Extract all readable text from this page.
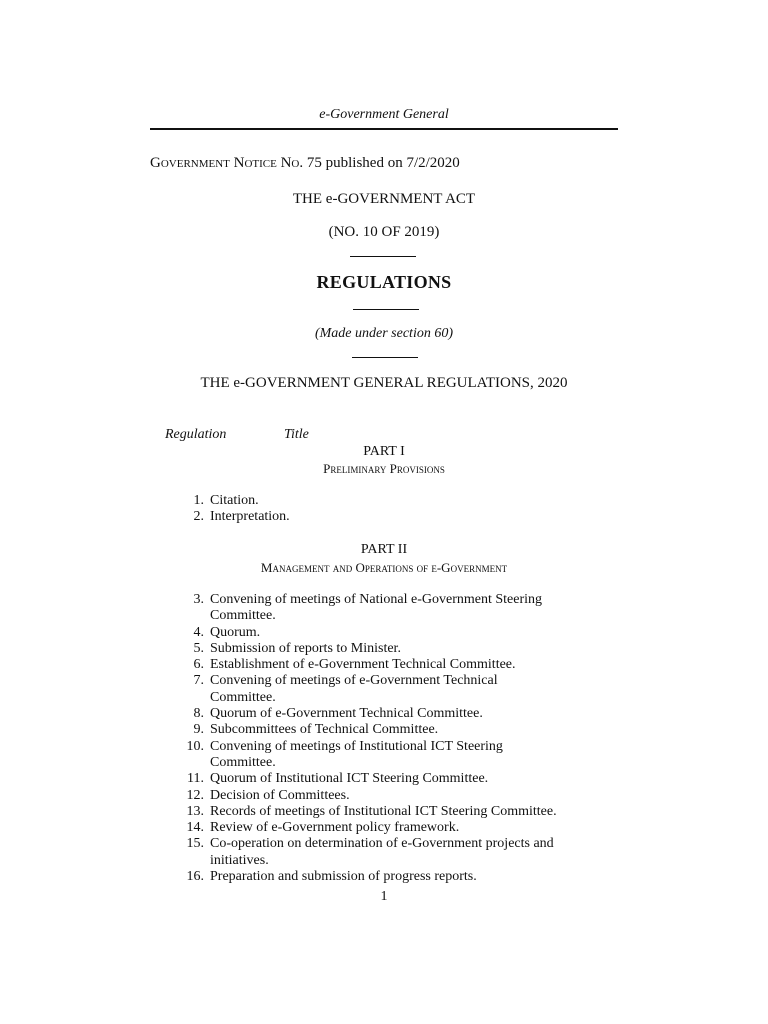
e-Government General
Government Notice No. 75 published on 7/2/2020
THE e-GOVERNMENT ACT
(NO. 10 OF 2019)
REGULATIONS
(Made under section 60)
THE e-GOVERNMENT GENERAL REGULATIONS, 2020
Regulation	Title
PART I
Preliminary Provisions
1. Citation.
2. Interpretation.
PART II
Management and Operations of e-Government
3. Convening of meetings of National e-Government Steering Committee.
4. Quorum.
5. Submission of reports to Minister.
6. Establishment of e-Government Technical Committee.
7. Convening of meetings of e-Government Technical Committee.
8. Quorum of e-Government Technical Committee.
9. Subcommittees of Technical Committee.
10. Convening of meetings of Institutional ICT Steering Committee.
11. Quorum of Institutional ICT Steering Committee.
12. Decision of Committees.
13. Records of meetings of Institutional ICT Steering Committee.
14. Review of e-Government policy framework.
15. Co-operation on determination of e-Government projects and initiatives.
16. Preparation and submission of progress reports.
1
